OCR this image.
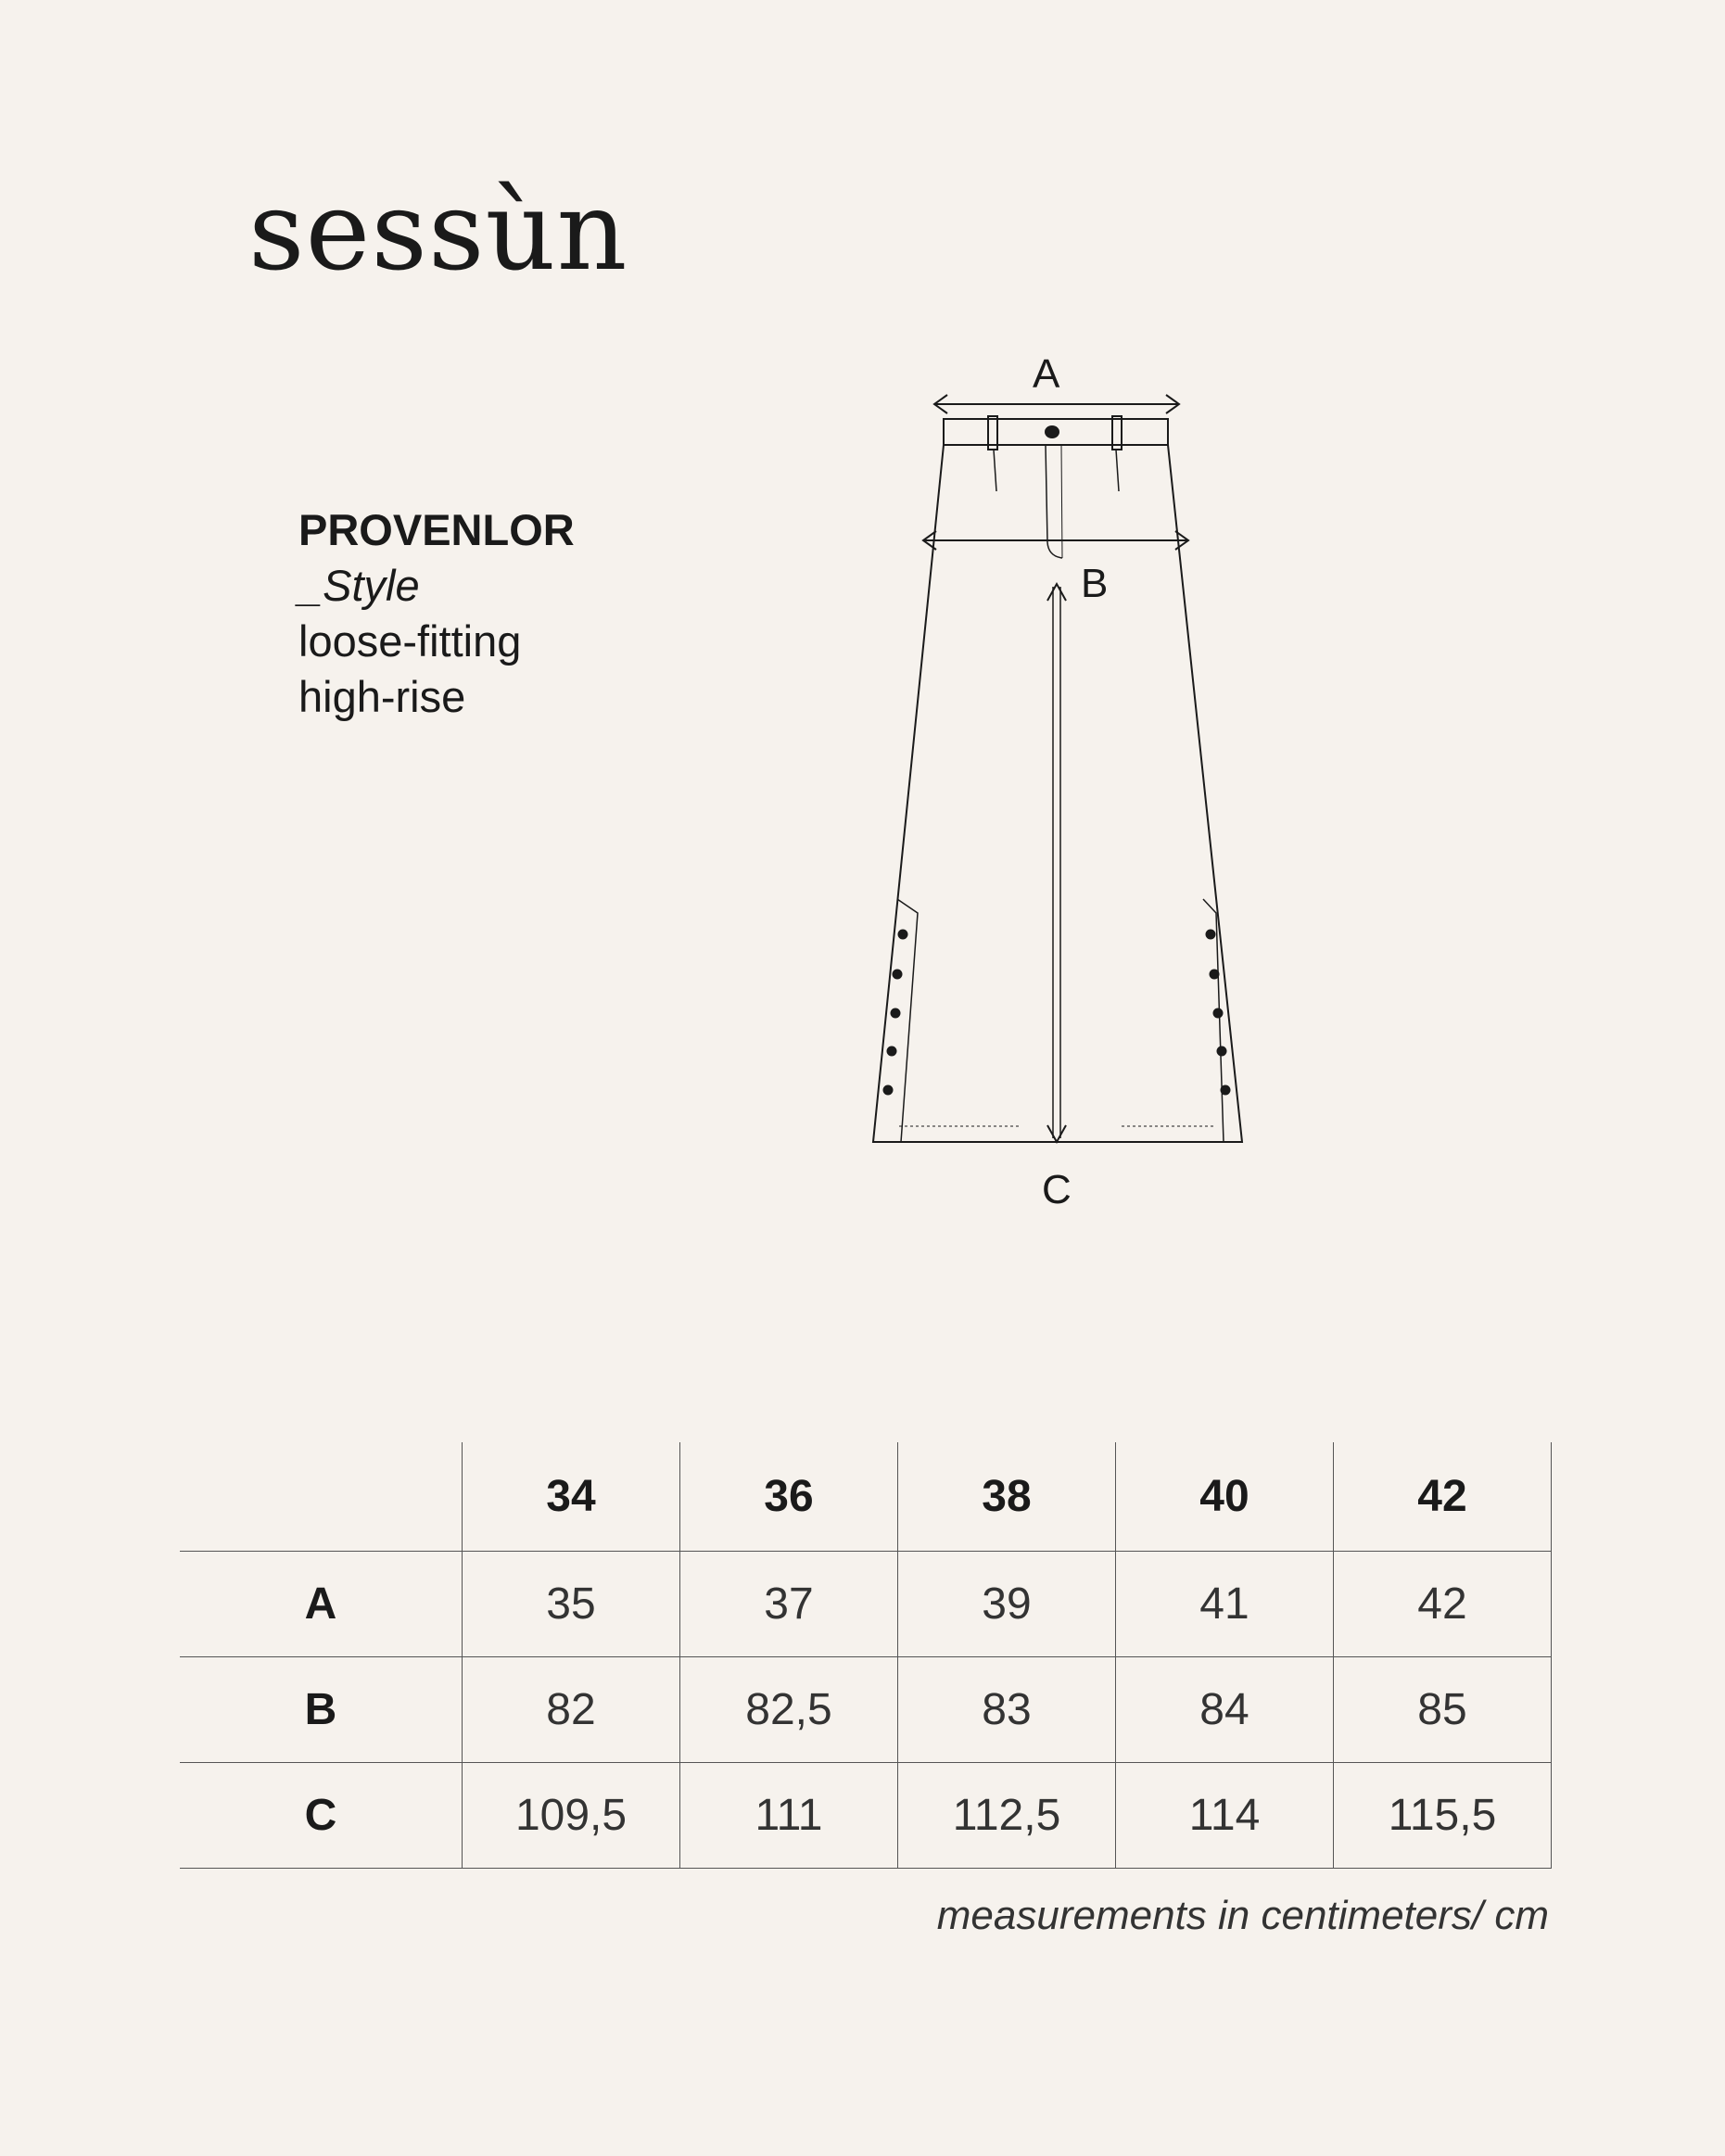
sessùn
PROVENLOR
_Style
loose-fitting
high-rise
A
B
C
	34	36	38	40	42
A	35	37	39	41	42
B	82	82,5	83	84	85
C	109,5	111	112,5	114	115,5
measurements in centimeters/ cm
